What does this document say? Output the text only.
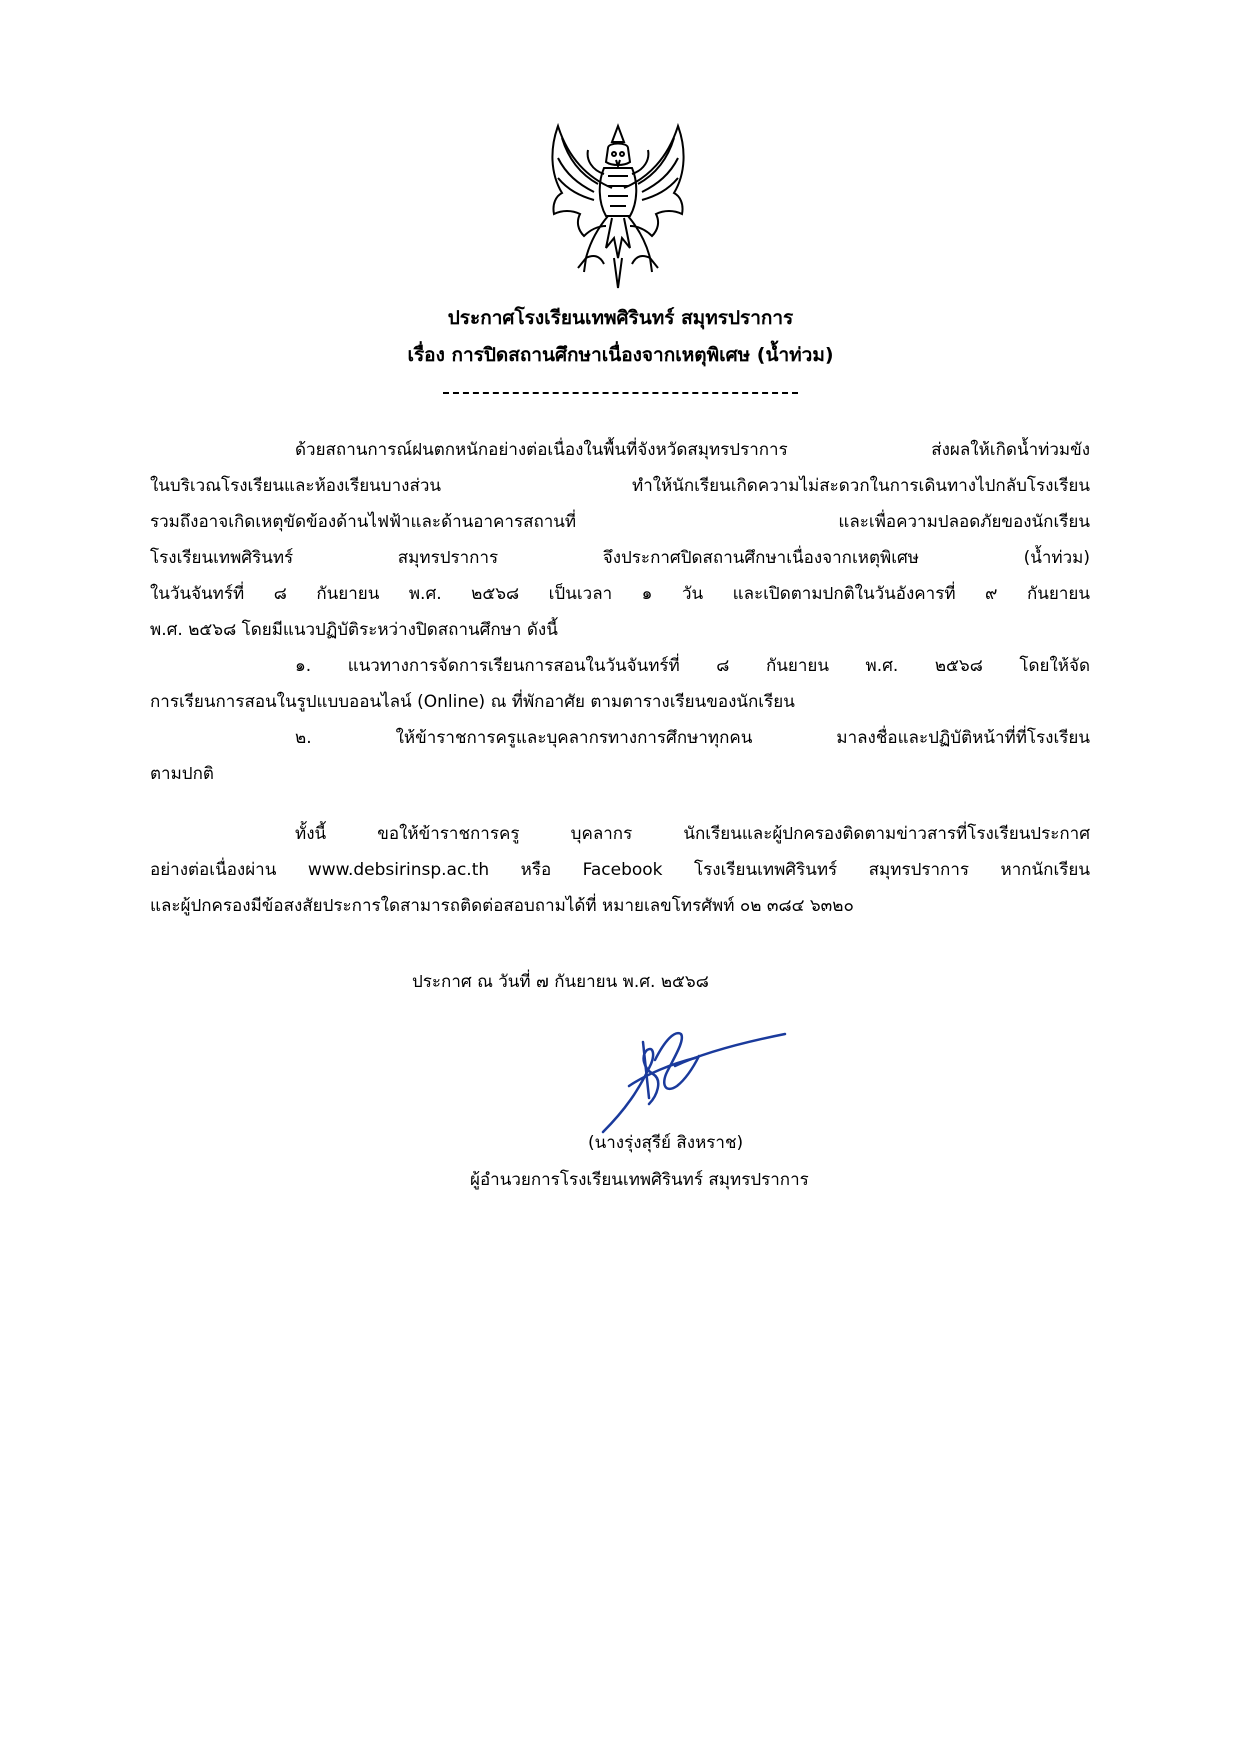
ประกาศโรงเรียนเทพศิรินทร์ สมุทรปราการ
เรื่อง การปิดสถานศึกษาเนื่องจากเหตุพิเศษ (น้ำท่วม)
ด้วยสถานการณ์ฝนตกหนักอย่างต่อเนื่องในพื้นที่จังหวัดสมุทรปราการ ส่งผลให้เกิดน้ำท่วมขัง
ในบริเวณโรงเรียนและห้องเรียนบางส่วน ทำให้นักเรียนเกิดความไม่สะดวกในการเดินทางไปกลับโรงเรียน
รวมถึงอาจเกิดเหตุขัดข้องด้านไฟฟ้าและด้านอาคารสถานที่ และเพื่อความปลอดภัยของนักเรียน
โรงเรียนเทพศิรินทร์ สมุทรปราการ จึงประกาศปิดสถานศึกษาเนื่องจากเหตุพิเศษ (น้ำท่วม)
ในวันจันทร์ที่ ๘ กันยายน พ.ศ. ๒๕๖๘ เป็นเวลา ๑ วัน และเปิดตามปกติในวันอังคารที่ ๙ กันยายน
พ.ศ. ๒๕๖๘ โดยมีแนวปฏิบัติระหว่างปิดสถานศึกษา ดังนี้
๑. แนวทางการจัดการเรียนการสอนในวันจันทร์ที่ ๘ กันยายน พ.ศ. ๒๕๖๘ โดยให้จัด
การเรียนการสอนในรูปแบบออนไลน์ (Online) ณ ที่พักอาศัย ตามตารางเรียนของนักเรียน
๒. ให้ข้าราชการครูและบุคลากรทางการศึกษาทุกคน มาลงชื่อและปฏิบัติหน้าที่ที่โรงเรียน
ตามปกติ
ทั้งนี้ ขอให้ข้าราชการครู บุคลากร นักเรียนและผู้ปกครองติดตามข่าวสารที่โรงเรียนประกาศ
อย่างต่อเนื่องผ่าน www.debsirinsp.ac.th หรือ Facebook โรงเรียนเทพศิรินทร์ สมุทรปราการ หากนักเรียน
และผู้ปกครองมีข้อสงสัยประการใดสามารถติดต่อสอบถามได้ที่ หมายเลขโทรศัพท์ ๐๒ ๓๘๔ ๖๓๒๐
ประกาศ ณ วันที่ ๗ กันยายน พ.ศ. ๒๕๖๘
(นางรุ่งสุรีย์ สิงหราช)
ผู้อำนวยการโรงเรียนเทพศิรินทร์ สมุทรปราการ
